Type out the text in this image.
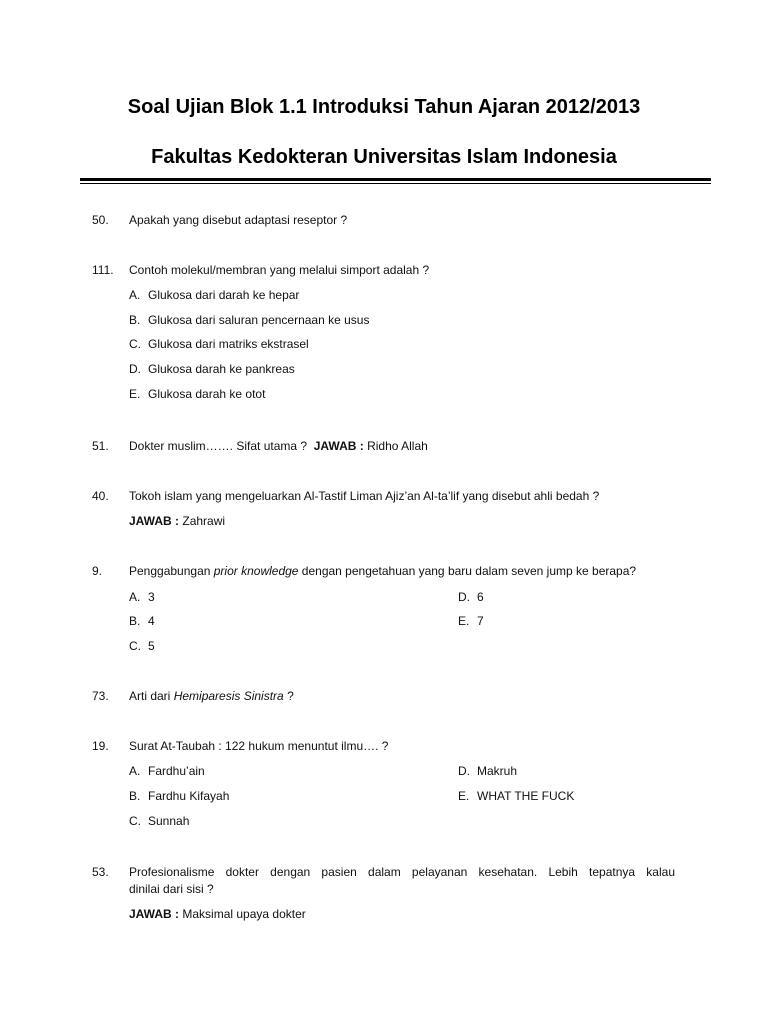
Soal Ujian Blok 1.1 Introduksi Tahun Ajaran 2012/2013
Fakultas Kedokteran Universitas Islam Indonesia
50. Apakah yang disebut adaptasi reseptor ?
111. Contoh molekul/membran yang melalui simport adalah ?
A. Glukosa dari darah ke hepar
B. Glukosa dari saluran pencernaan ke usus
C. Glukosa dari matriks ekstrasel
D. Glukosa darah ke pankreas
E. Glukosa darah ke otot
51. Dokter muslim……. Sifat utama ? JAWAB : Ridho Allah
40. Tokoh islam yang mengeluarkan Al-Tastif Liman Ajiz’an Al-ta’lif yang disebut ahli bedah ?
JAWAB : Zahrawi
9. Penggabungan prior knowledge dengan pengetahuan yang baru dalam seven jump ke berapa?
A. 3
B. 4
C. 5
D. 6
E. 7
73. Arti dari Hemiparesis Sinistra ?
19. Surat At-Taubah : 122 hukum menuntut ilmu…. ?
A. Fardhu’ain
B. Fardhu Kifayah
C. Sunnah
D. Makruh
E. WHAT THE FUCK
53. Profesionalisme dokter dengan pasien dalam pelayanan kesehatan. Lebih tepatnya kalau
dinilai dari sisi ?
JAWAB : Maksimal upaya dokter
